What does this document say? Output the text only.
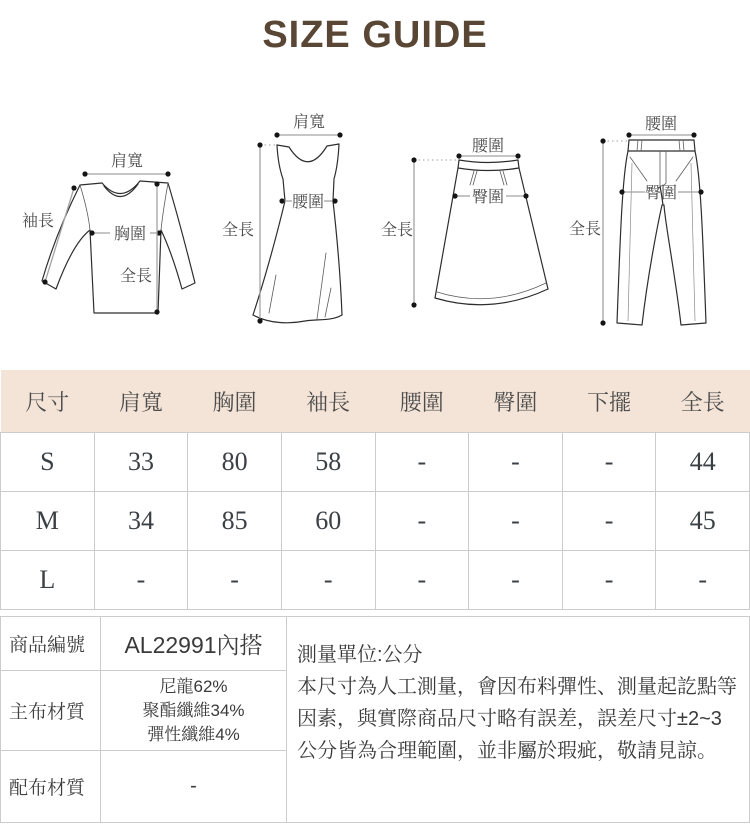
SIZE GUIDE
肩寬
袖長
胸圍
全長
肩寬
腰圍
全長
腰圍
臀圍
全長
腰圍
臀圍
全長
尺寸	肩寬	胸圍	袖長	腰圍	臀圍	下擺	全長
S	33	80	58	-	-	-	44
M	34	85	60	-	-	-	45
L	-	-	-	-	-	-	-
商品編號	AL22991內搭	測量單位:公分
本尺寸為人工測量，會因布料彈性、測量起訖點等因素，與實際商品尺寸略有誤差，誤差尺寸±2~3公分皆為合理範圍，並非屬於瑕疵，敬請見諒。

主布材質	尼龍62%
聚酯纖維34%
彈性纖維4%	

配布材質	-	
